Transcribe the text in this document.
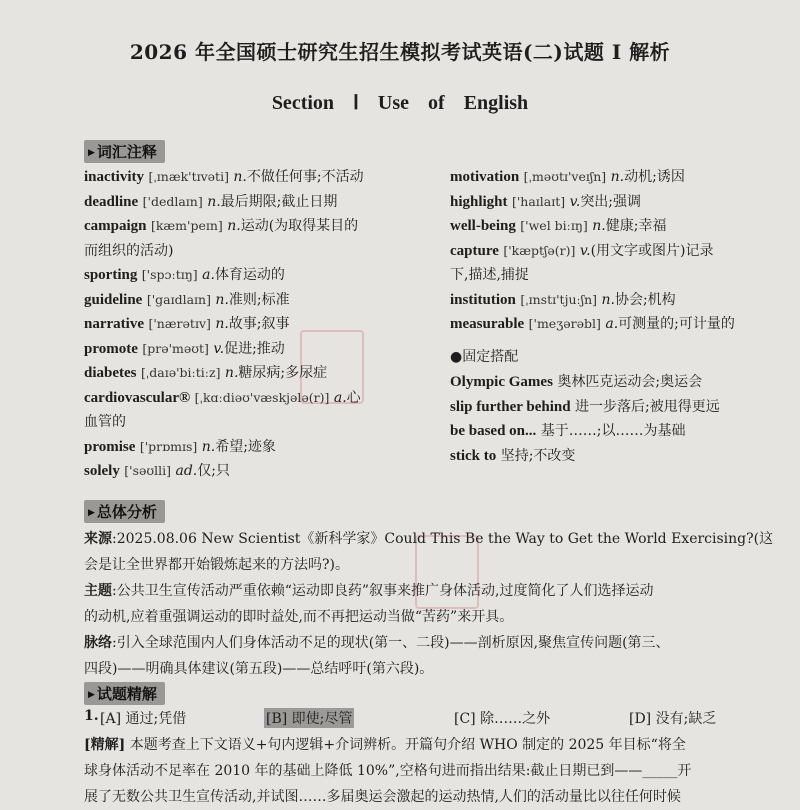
2026 年全国硕士研究生招生模拟考试英语(二)试题 I 解析
Section Ⅰ Use of English
▶ 词汇注释
inactivity [ˌɪnæk'tɪvəti] n.不做任何事;不活动
deadline ['dedlaɪn] n.最后期限;截止日期
campaign [kæm'peɪn] n.运动(为取得某目的
而组织的活动)
sporting ['spɔːtɪŋ] a.体育运动的
guideline ['gaɪdlaɪn] n.准则;标准
narrative ['nærətɪv] n.故事;叙事
promote [prə'məʊt] v.促进;推动
diabetes [ˌdaɪə'biːtiːz] n.糖尿病;多尿症
cardiovascular® [ˌkɑːdiəʊ'væskjələ(r)] a.心
血管的
promise ['prɒmɪs] n.希望;迹象
solely ['səʊlli] ad.仅;只
motivation [ˌməʊtɪ'veɪʃn] n.动机;诱因
highlight ['haɪlaɪt] v.突出;强调
well-being ['wel biːɪŋ] n.健康;幸福
capture ['kæptʃə(r)] v.(用文字或图片)记录
下,描述,捕捉
institution [ˌɪnstɪ'tjuːʃn] n.协会;机构
measurable ['meʒərəbl] a.可测量的;可计量的
●固定搭配
Olympic Games 奥林匹克运动会;奥运会
slip further behind 进一步落后;被甩得更远
be based on... 基于……;以……为基础
stick to 坚持;不改变
▶ 总体分析
来源:2025.08.06 New Scientist《新科学家》Could This Be the Way to Get the World Exercising?(这
会是让全世界都开始锻炼起来的方法吗?)。
主题:公共卫生宣传活动严重依赖“运动即良药”叙事来推广身体活动,过度简化了人们选择运动
的动机,应着重强调运动的即时益处,而不再把运动当做“苦药”来开具。
脉络:引入全球范围内人们身体活动不足的现状(第一、二段)——剖析原因,聚焦宣传问题(第三、
四段)——明确具体建议(第五段)——总结呼吁(第六段)。
▶ 试题精解
1. [A] 通过;凭借	[B] 即使;尽管	[C] 除……之外	[D] 没有;缺乏
[精解] 本题考查上下文语义+句内逻辑+介词辨析。开篇句介绍 WHO 制定的 2025 年目标“将全
球身体活动不足率在 2010 年的基础上降低 10%”,空格句进而指出结果:截止日期已到——_____开
展了无数公共卫生宣传活动,并试图……多届奥运会激起的运动热情,人们的活动量比以往任何时候
